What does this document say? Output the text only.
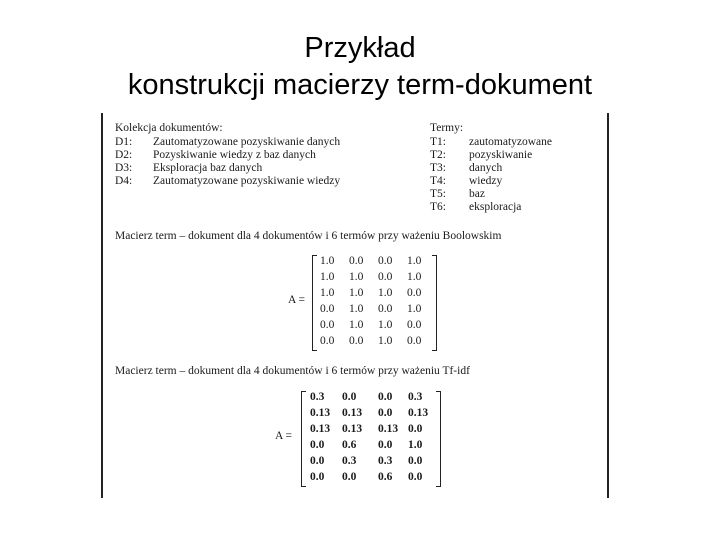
Przykład
konstrukcji macierzy term-dokument
Kolekcja dokumentów:
D1: Zautomatyzowane pozyskiwanie danych
D2: Pozyskiwanie wiedzy z baz danych
D3: Eksploracja baz danych
D4: Zautomatyzowane pozyskiwanie wiedzy
Termy:
T1: zautomatyzowane
T2: pozyskiwanie
T3: danych
T4: wiedzy
T5: baz
T6: eksploracja
Macierz term – dokument dla 4 dokumentów i 6 termów przy ważeniu Boolowskim
A =
1.0	0.0	0.0	1.0
1.0	1.0	0.0	1.0
1.0	1.0	1.0	0.0
0.0	1.0	0.0	1.0
0.0	1.0	1.0	0.0
0.0	0.0	1.0	0.0
Macierz term – dokument dla 4 dokumentów i 6 termów przy ważeniu Tf-idf
A =
0.3	0.0	0.0	0.3
0.13	0.13	0.0	0.13
0.13	0.13	0.13 0.0
0.0	0.6	0.0	1.0
0.0	0.3	0.3	0.0
0.0	0.0	0.6	0.0
